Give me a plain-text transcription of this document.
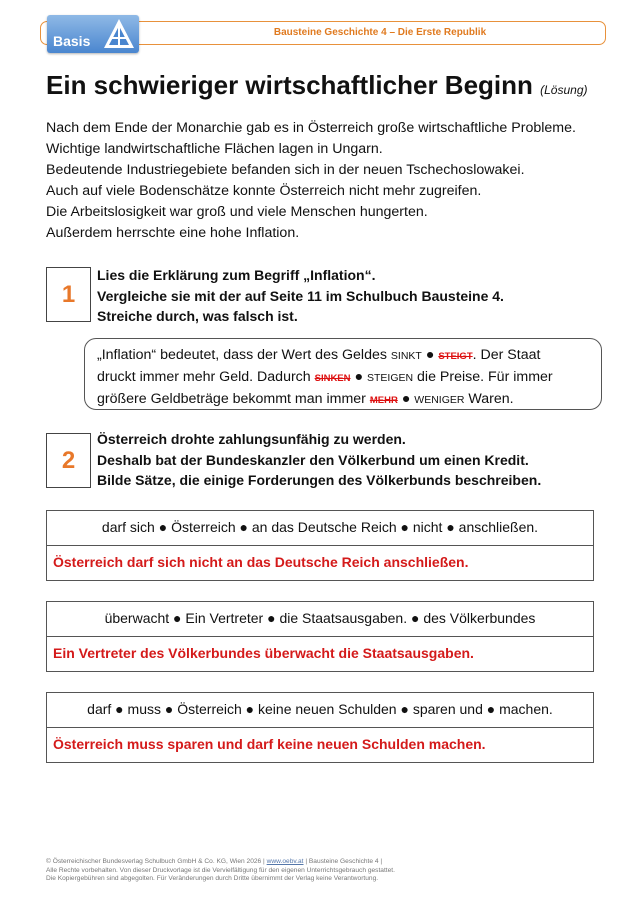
Basis
Bausteine Geschichte 4 – Die Erste Republik
Ein schwieriger wirtschaftlicher Beginn (Lösung)
Nach dem Ende der Monarchie gab es in Österreich große wirtschaftliche Probleme.
Wichtige landwirtschaftliche Flächen lagen in Ungarn.
Bedeutende Industriegebiete befanden sich in der neuen Tschechoslowakei.
Auch auf viele Bodenschätze konnte Österreich nicht mehr zugreifen.
Die Arbeitslosigkeit war groß und viele Menschen hungerten.
Außerdem herrschte eine hohe Inflation.
1
Lies die Erklärung zum Begriff „Inflation“.
Vergleiche sie mit der auf Seite 11 im Schulbuch Bausteine 4.
Streiche durch, was falsch ist.
„Inflation“ bedeutet, dass der Wert des Geldes SINKT ● STEIGT. Der Staat
druckt immer mehr Geld. Dadurch SINKEN ● STEIGEN die Preise. Für immer
größere Geldbeträge bekommt man immer MEHR ● WENIGER Waren.
2
Österreich drohte zahlungsunfähig zu werden.
Deshalb bat der Bundeskanzler den Völkerbund um einen Kredit.
Bilde Sätze, die einige Forderungen des Völkerbunds beschreiben.
darf sich ● Österreich ● an das Deutsche Reich ● nicht ● anschließen.
Österreich darf sich nicht an das Deutsche Reich anschließen.
überwacht ● Ein Vertreter ● die Staatsausgaben. ● des Völkerbundes
Ein Vertreter des Völkerbundes überwacht die Staatsausgaben.
darf ● muss ● Österreich ● keine neuen Schulden ● sparen und ● machen.
Österreich muss sparen und darf keine neuen Schulden machen.
© Österreichischer Bundesverlag Schulbuch GmbH & Co. KG, Wien 2026 | www.oebv.at | Bausteine Geschichte 4 |
Alle Rechte vorbehalten. Von dieser Druckvorlage ist die Vervielfältigung für den eigenen Unterrichtsgebrauch gestattet.
Die Kopiergebühren sind abgegolten. Für Veränderungen durch Dritte übernimmt der Verlag keine Verantwortung.
